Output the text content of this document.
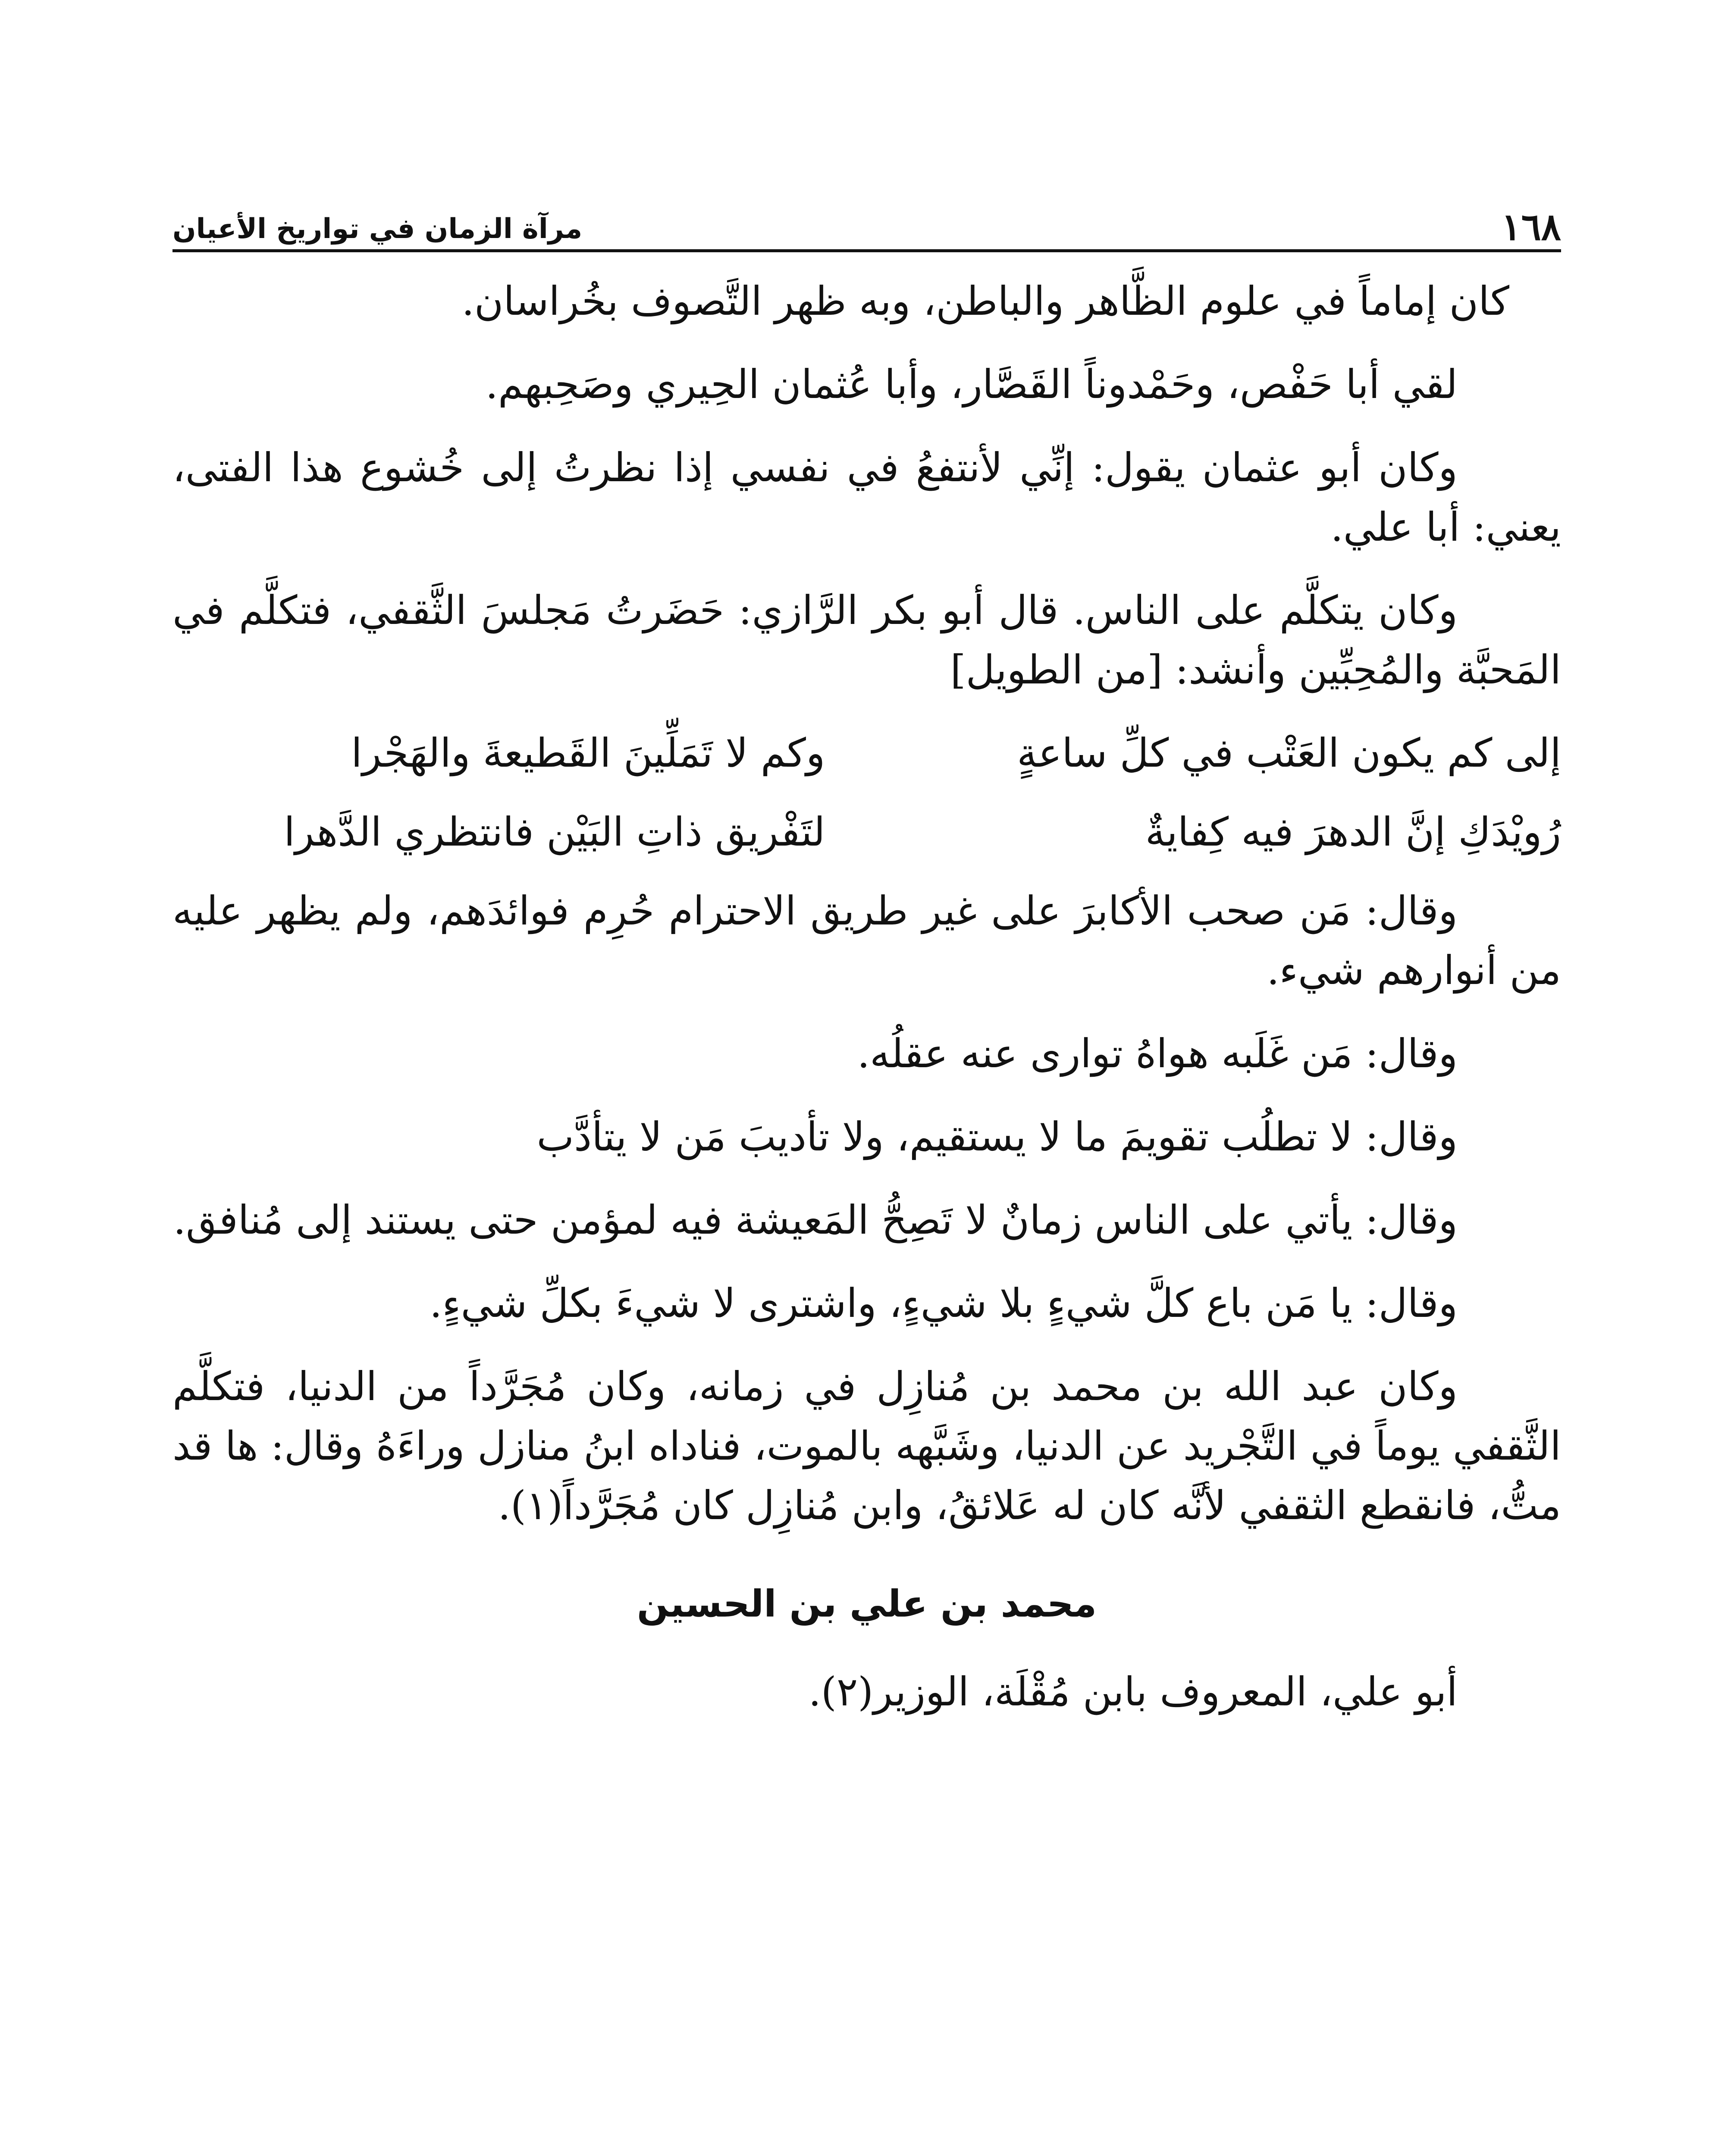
مرآة الزمان في تواريخ الأعيان	١٦٨

كان إماماً في علوم الظَّاهر والباطن، وبه ظهر التَّصوف بخُراسان.

لقي أبا حَفْص، وحَمْدوناً القَصَّار، وأبا عُثمان الحِيري وصَحِبهم.

وكان أبو عثمان يقول: إنِّي لأنتفعُ في نفسي إذا نظرتُ إلى خُشوع هذا الفتى، يعني: أبا علي.

وكان يتكلَّم على الناس. قال أبو بكر الرَّازي: حَضَرتُ مَجلسَ الثَّقفي، فتكلَّم في المَحبَّة والمُحِبِّين وأنشد: [من الطويل]

إلى كم يكون العَتْب في كلِّ ساعةٍ
وكم لا تَمَلِّينَ القَطيعةَ والهَجْرا
رُويْدَكِ إنَّ الدهرَ فيه كِفايةٌ
لتَفْريق ذاتِ البَيْن فانتظري الدَّهرا

وقال: مَن صحب الأكابرَ على غير طريق الاحترام حُرِم فوائدَهم، ولم يظهر عليه من أنوارهم شيء.

وقال: مَن غَلَبه هواهُ توارى عنه عقلُه.

وقال: لا تطلُب تقويمَ ما لا يستقيم، ولا تأديبَ مَن لا يتأدَّب

وقال: يأتي على الناس زمانٌ لا تَصِحُّ المَعيشة فيه لمؤمن حتى يستند إلى مُنافق.

وقال: يا مَن باع كلَّ شيءٍ بلا شيءٍ، واشترى لا شيءَ بكلِّ شيءٍ.

وكان عبد الله بن محمد بن مُنازِل في زمانه، وكان مُجَرَّداً من الدنيا، فتكلَّم الثَّقفي يوماً في التَّجْريد عن الدنيا، وشَبَّهه بالموت، فناداه ابنُ منازل وراءَهُ وقال: ها قد متُّ، فانقطع الثقفي لأنَّه كان له عَلائقُ، وابن مُنازِل كان مُجَرَّداً(١).

محمد بن علي بن الحسين

أبو علي، المعروف بابن مُقْلَة، الوزير(٢).
